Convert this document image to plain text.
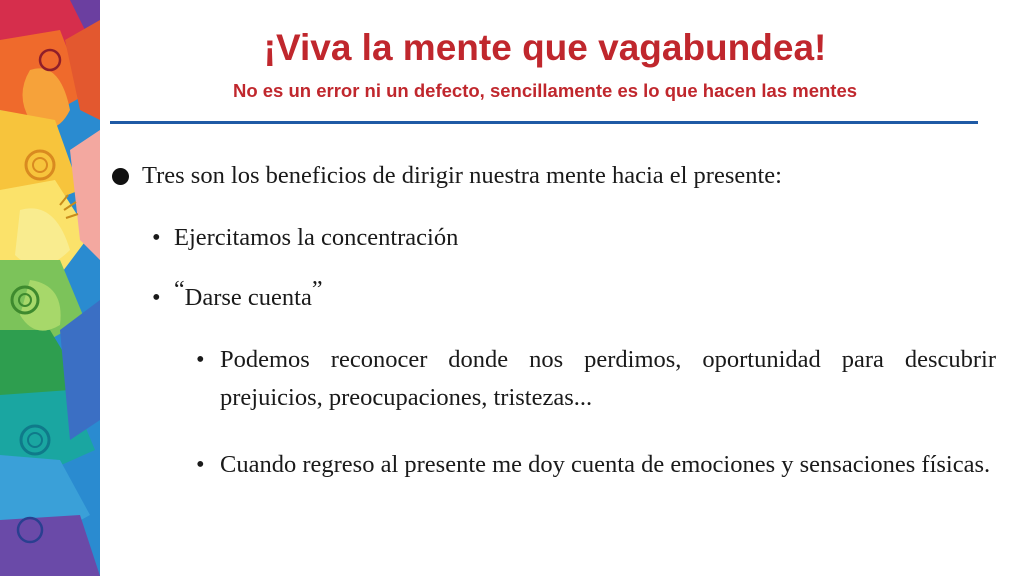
¡Viva la mente que vagabundea!
No es un error ni un defecto, sencillamente es lo que hacen las mentes
Tres son los beneficios de dirigir nuestra mente hacia el presente:
• Ejercitamos la concentración
• “Darse cuenta”
• Podemos reconocer donde nos perdimos, oportunidad para descubrir prejuicios, preocupaciones, tristezas...
• Cuando regreso al presente me doy cuenta de emociones y sensaciones físicas.
